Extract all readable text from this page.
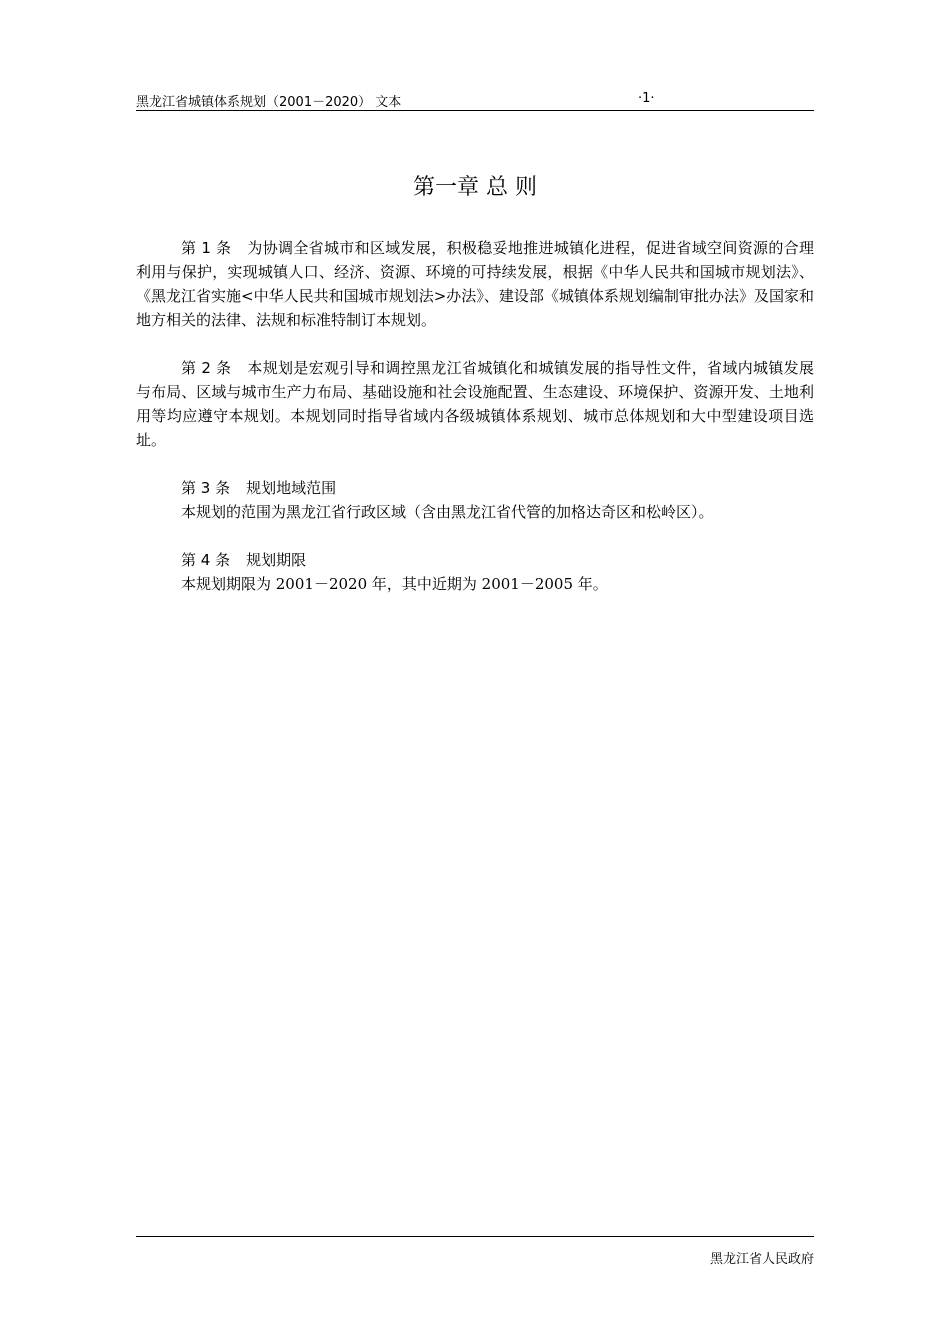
黑龙江省城镇体系规划（2001－2020） 文本	·1·
第一章 总 则

第 1 条 为协调全省城市和区域发展，积极稳妥地推进城镇化进程，促进省域空间资源的合理利用与保护，实现城镇人口、经济、资源、环境的可持续发展，根据《中华人民共和国城市规划法》、《黑龙江省实施<中华人民共和国城市规划法>办法》、建设部《城镇体系规划编制审批办法》及国家和地方相关的法律、法规和标准特制订本规划。

第 2 条 本规划是宏观引导和调控黑龙江省城镇化和城镇发展的指导性文件，省域内城镇发展与布局、区域与城市生产力布局、基础设施和社会设施配置、生态建设、环境保护、资源开发、土地利用等均应遵守本规划。本规划同时指导省域内各级城镇体系规划、城市总体规划和大中型建设项目选址。

第 3 条 规划地域范围

本规划的范围为黑龙江省行政区域（含由黑龙江省代管的加格达奇区和松岭区）。

第 4 条 规划期限

本规划期限为 2001－2020 年，其中近期为 2001－2005 年。

黑龙江省人民政府
